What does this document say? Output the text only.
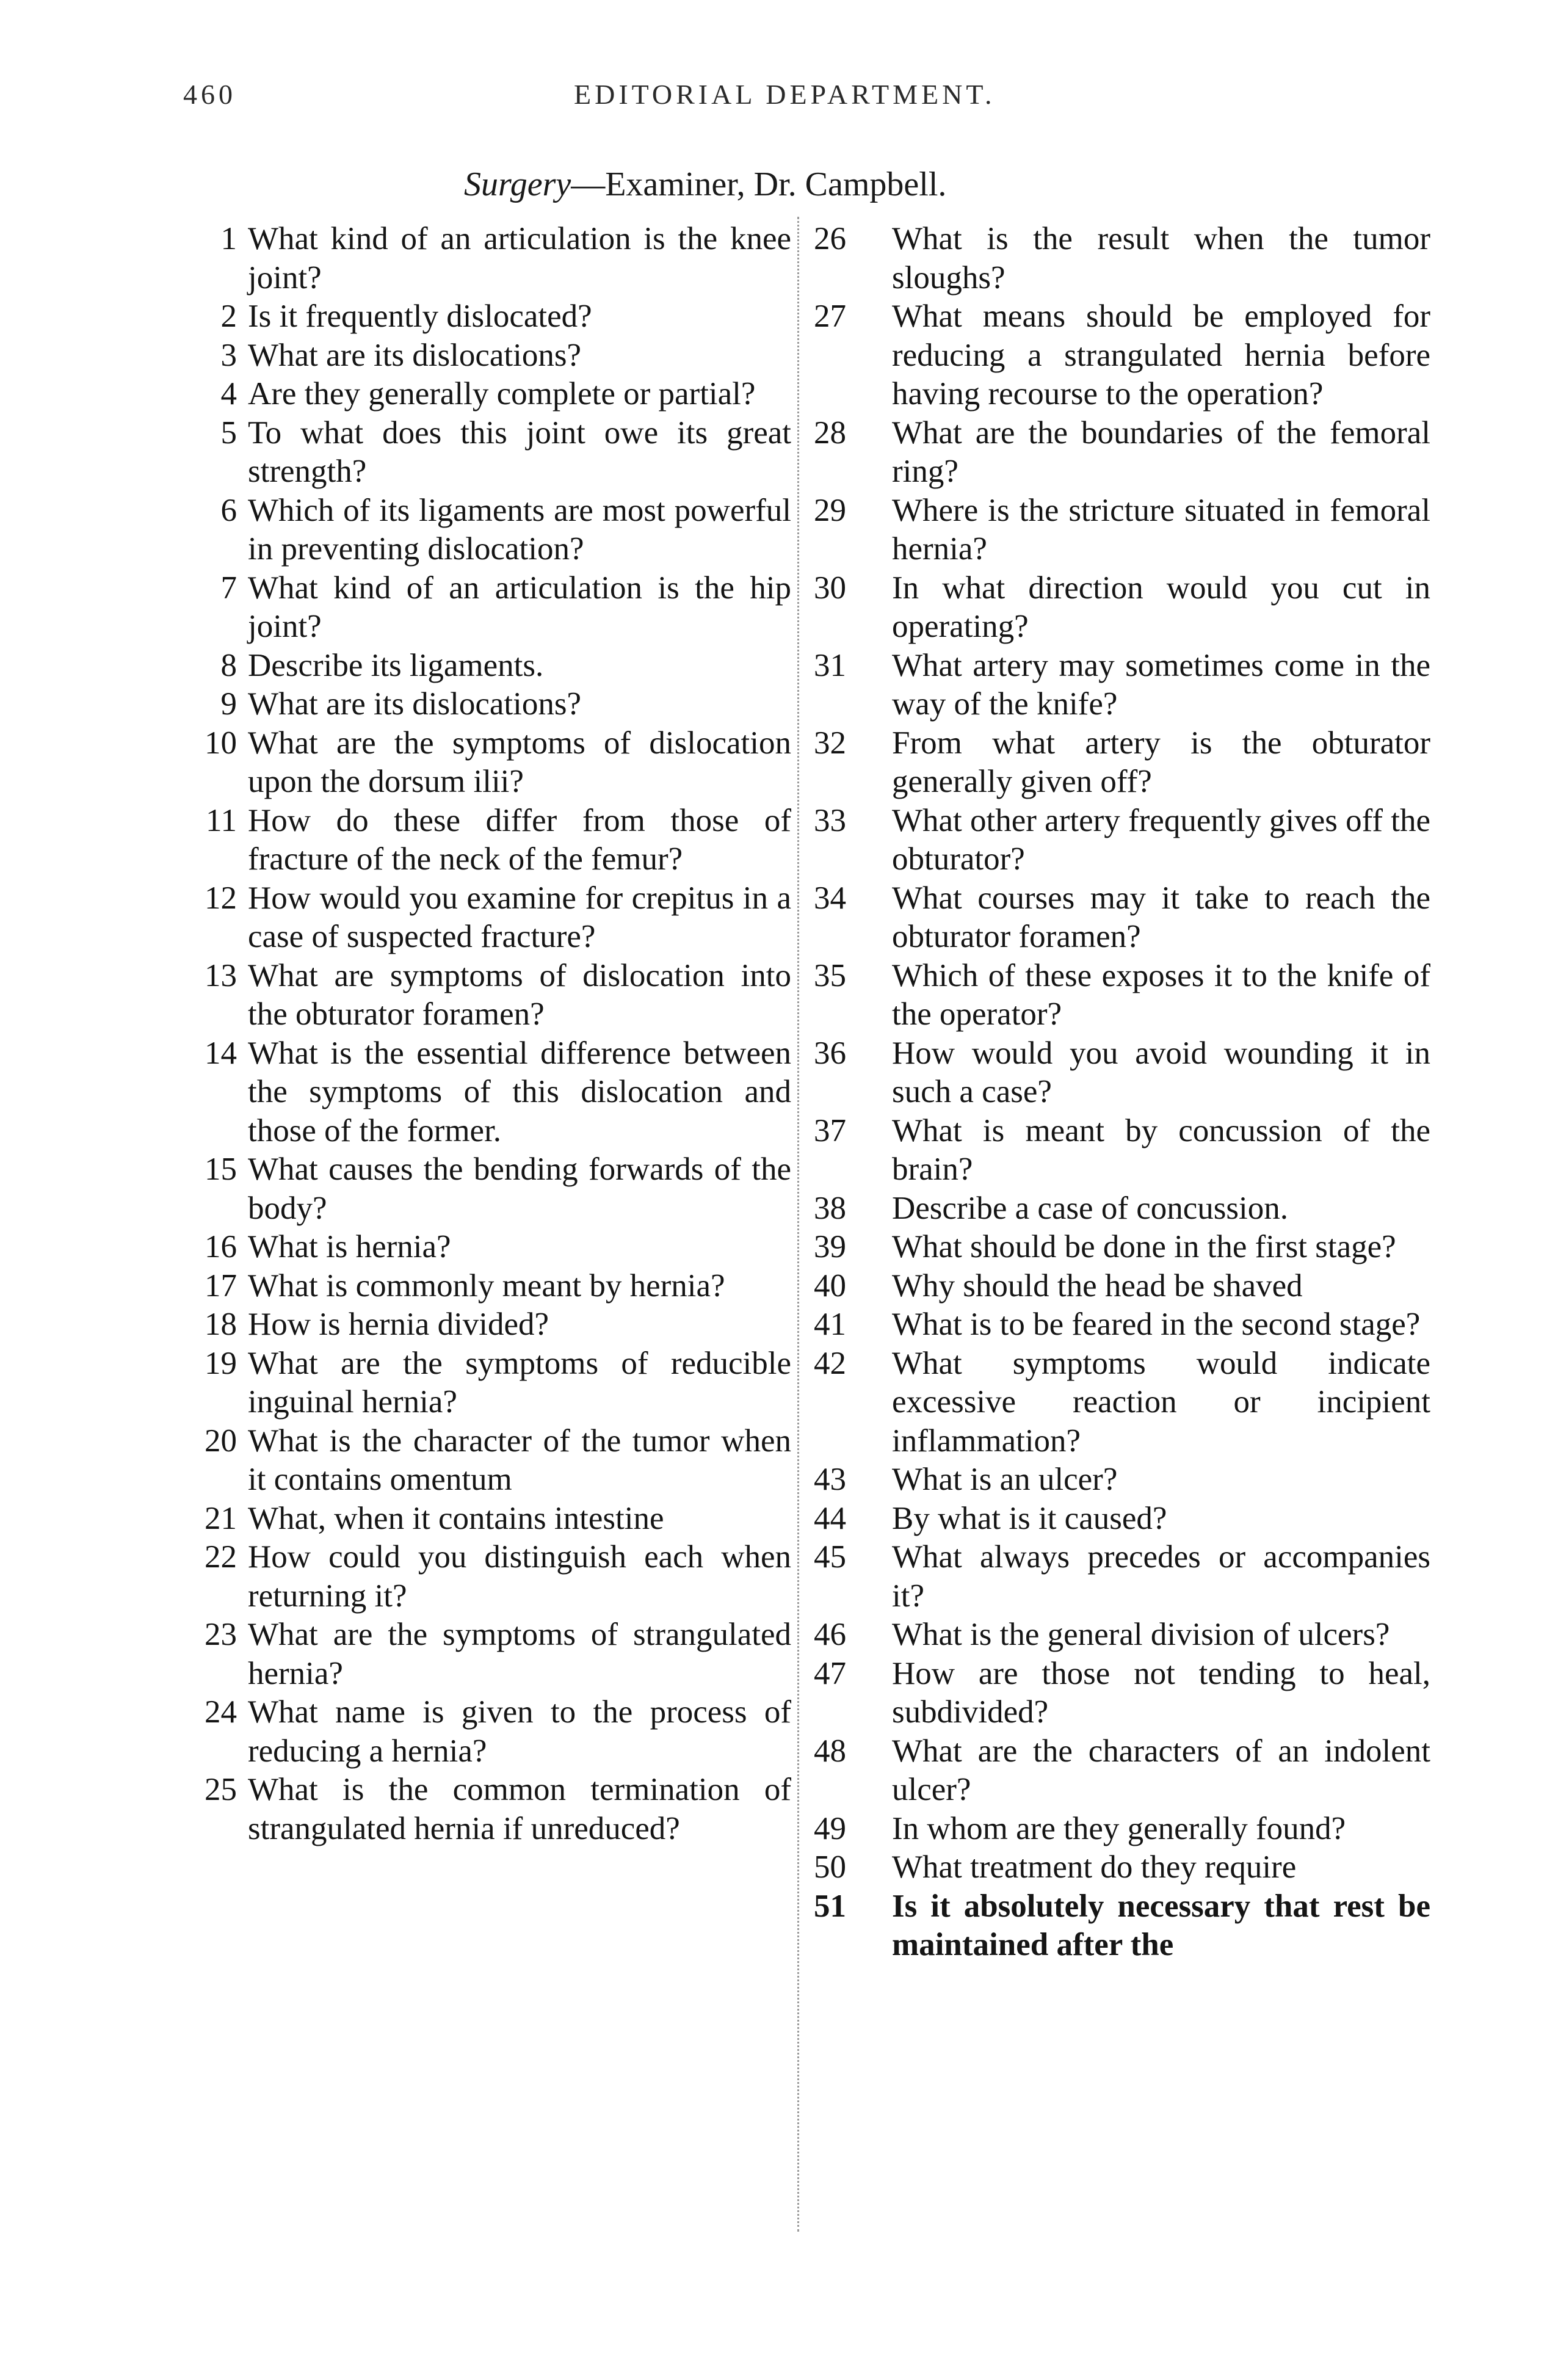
460	EDITORIAL DEPARTMENT.
Surgery—Examiner, Dr. Campbell.
1 What kind of an articulation is the knee joint?
2 Is it frequently dislocated?
3 What are its dislocations?
4 Are they generally complete or partial?
5 To what does this joint owe its great strength?
6 Which of its ligaments are most powerful in preventing dislocation?
7 What kind of an articulation is the hip joint?
8 Describe its ligaments.
9 What are its dislocations?
10 What are the symptoms of dislocation upon the dorsum ilii?
11 How do these differ from those of fracture of the neck of the femur?
12 How would you examine for crepitus in a case of suspected fracture?
13 What are symptoms of dislocation into the obturator foramen?
14 What is the essential difference between the symptoms of this dislocation and those of the former.
15 What causes the bending forwards of the body?
16 What is hernia?
17 What is commonly meant by hernia?
18 How is hernia divided?
19 What are the symptoms of reducible inguinal hernia?
20 What is the character of the tumor when it contains omentum
21 What, when it contains intestine
22 How could you distinguish each when returning it?
23 What are the symptoms of strangulated hernia?
24 What name is given to the process of reducing a hernia?
25 What is the common termination of strangulated hernia if unreduced?
26	What is the result when the tumor sloughs?
27	What means should be employed for reducing a strangulated hernia before having recourse to the operation?
28	What are the boundaries of the femoral ring?
29	Where is the stricture situated in femoral hernia?
30	In what direction would you cut in operating?
31	What artery may sometimes come in the way of the knife?
32	From what artery is the obturator generally given off?
33	What other artery frequently gives off the obturator?
34	What courses may it take to reach the obturator foramen?
35	Which of these exposes it to the knife of the operator?
36	How would you avoid wounding it in such a case?
37	What is meant by concussion of the brain?
38	Describe a case of concussion.
39	What should be done in the first stage?
40	Why should the head be shaved
41	What is to be feared in the second stage?
42	What symptoms would indicate excessive reaction or incipient inflammation?
43	What is an ulcer?
44	By what is it caused?
45	What always precedes or accompanies it?
46	What is the general division of ulcers?
47	How are those not tending to heal, subdivided?
48	What are the characters of an indolent ulcer?
49	In whom are they generally found?
50	What treatment do they require
51	Is it absolutely necessary that rest be maintained after the
